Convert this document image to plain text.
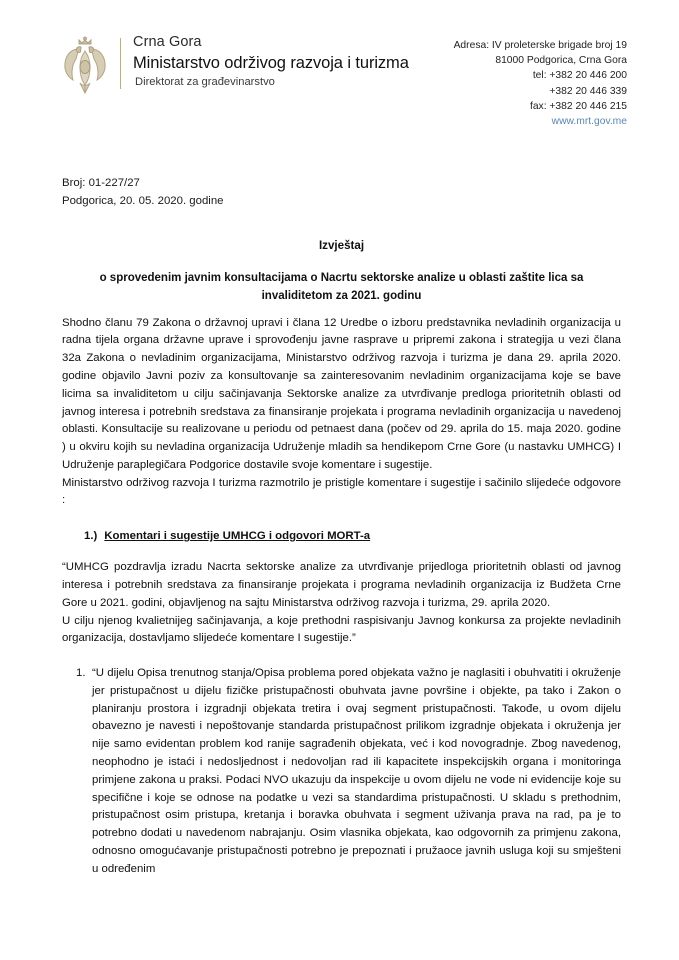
Crna Gora
Ministarstvo održivog razvoja i turizma
Direktorat za građevinarstvo
Adresa: IV proleterske brigade broj 19
81000 Podgorica, Crna Gora
tel: +382 20 446 200
+382 20 446 339
fax: +382 20 446 215
www.mrt.gov.me
Broj: 01-227/27
Podgorica, 20. 05. 2020. godine
Izvještaj
o sprovedenim javnim konsultacijama o Nacrtu sektorske analize u oblasti zaštite lica sa invaliditetom za 2021. godinu

Shodno članu 79 Zakona o državnoj upravi i člana 12 Uredbe o izboru predstavnika nevladinih organizacija u radna tijela organa državne uprave i sprovođenju javne rasprave u pripremi zakona i strategija u vezi člana 32a Zakona o nevladinim organizacijama, Ministarstvo održivog razvoja i turizma je dana 29. aprila 2020. godine objavilo Javni poziv za konsultovanje sa zainteresovanim nevladinim organizacijama koje se bave licima sa invaliditetom u cilju sačinjavanja Sektorske analize za utvrđivanje predloga prioritetnih oblasti od javnog interesa i potrebnih sredstava za finansiranje projekata i programa nevladinih organizacija u navedenoj oblasti. Konsultacije su realizovane u periodu od petnaest dana (počev od 29. aprila do 15. maja 2020. godine ) u okviru kojih su nevladina organizacija Udruženje mladih sa hendikepom Crne Gore (u nastavku UMHCG) I Udruženje paraplegičara Podgorice dostavile svoje komentare i sugestije.

Ministarstvo održivog razvoja I turizma razmotrilo je pristigle komentare i sugestije i sačinilo slijedeće odgovore :

1.) Komentari i sugestije UMHCG i odgovori MORT-a

“UMHCG pozdravlja izradu Nacrta sektorske analize za utvrđivanje prijedloga prioritetnih oblasti od javnog interesa i potrebnih sredstava za finansiranje projekata i programa nevladinih organizacija iz Budžeta Crne Gore u 2021. godini, objavljenog na sajtu Ministarstva održivog razvoja i turizma, 29. aprila 2020.

U cilju njenog kvalietnijeg sačinjavanja, a koje prethodni raspisivanju Javnog konkursa za projekte nevladinih organizacija, dostavljamo slijedeće komentare I sugestije.”

1. “U dijelu Opisa trenutnog stanja/Opisa problema pored objekata važno je naglasiti i obuhvatiti i okruženje jer pristupačnost u dijelu fizičke pristupačnosti obuhvata javne površine i objekte, pa tako i Zakon o planiranju prostora i izgradnji objekata tretira i ovaj segment pristupačnosti. Takođe, u ovom dijelu obavezno je navesti i nepoštovanje standarda pristupačnost prilikom izgradnje objekata i okruženja jer nije samo evidentan problem kod ranije sagrađenih objekata, već i kod novogradnje. Zbog navedenog, neophodno je istaći i nedosljednost i nedovoljan rad ili kapacitete inspekcijskih organa i monitoringa primjene zakona u praksi. Podaci NVO ukazuju da inspekcije u ovom dijelu ne vode ni evidencije koje su specifične i koje se odnose na podatke u vezi sa standardima pristupačnosti. U skladu s prethodnim, pristupačnost osim pristupa, kretanja i boravka obuhvata i segment uživanja prava na rad, pa je to potrebno dodati u navedenom nabrajanju. Osim vlasnika objekata, kao odgovornih za primjenu zakona, odnosno omogućavanje pristupačnosti potrebno je prepoznati i pružaoce javnih usluga koji su smješteni u određenim
